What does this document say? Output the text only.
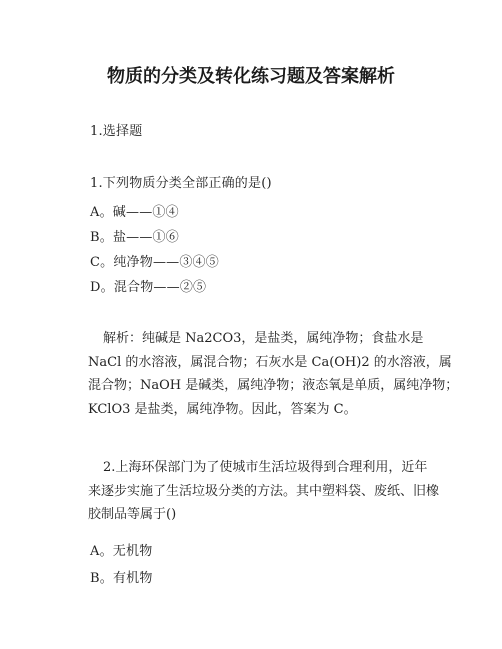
物质的分类及转化练习题及答案解析
1.选择题
1.下列物质分类全部正确的是()
A。碱——①④
B。盐——①⑥
C。纯净物——③④⑤
D。混合物——②⑤
解析：纯碱是 Na2CO3，是盐类，属纯净物；食盐水是
NaCl 的水溶液，属混合物；石灰水是 Ca(OH)2 的水溶液，属
混合物；NaOH 是碱类，属纯净物；液态氧是单质，属纯净物；
KClO3 是盐类，属纯净物。因此，答案为 C。
2.上海环保部门为了使城市生活垃圾得到合理利用，近年
来逐步实施了生活垃圾分类的方法。其中塑料袋、废纸、旧橡
胶制品等属于()
A。无机物
B。有机物
